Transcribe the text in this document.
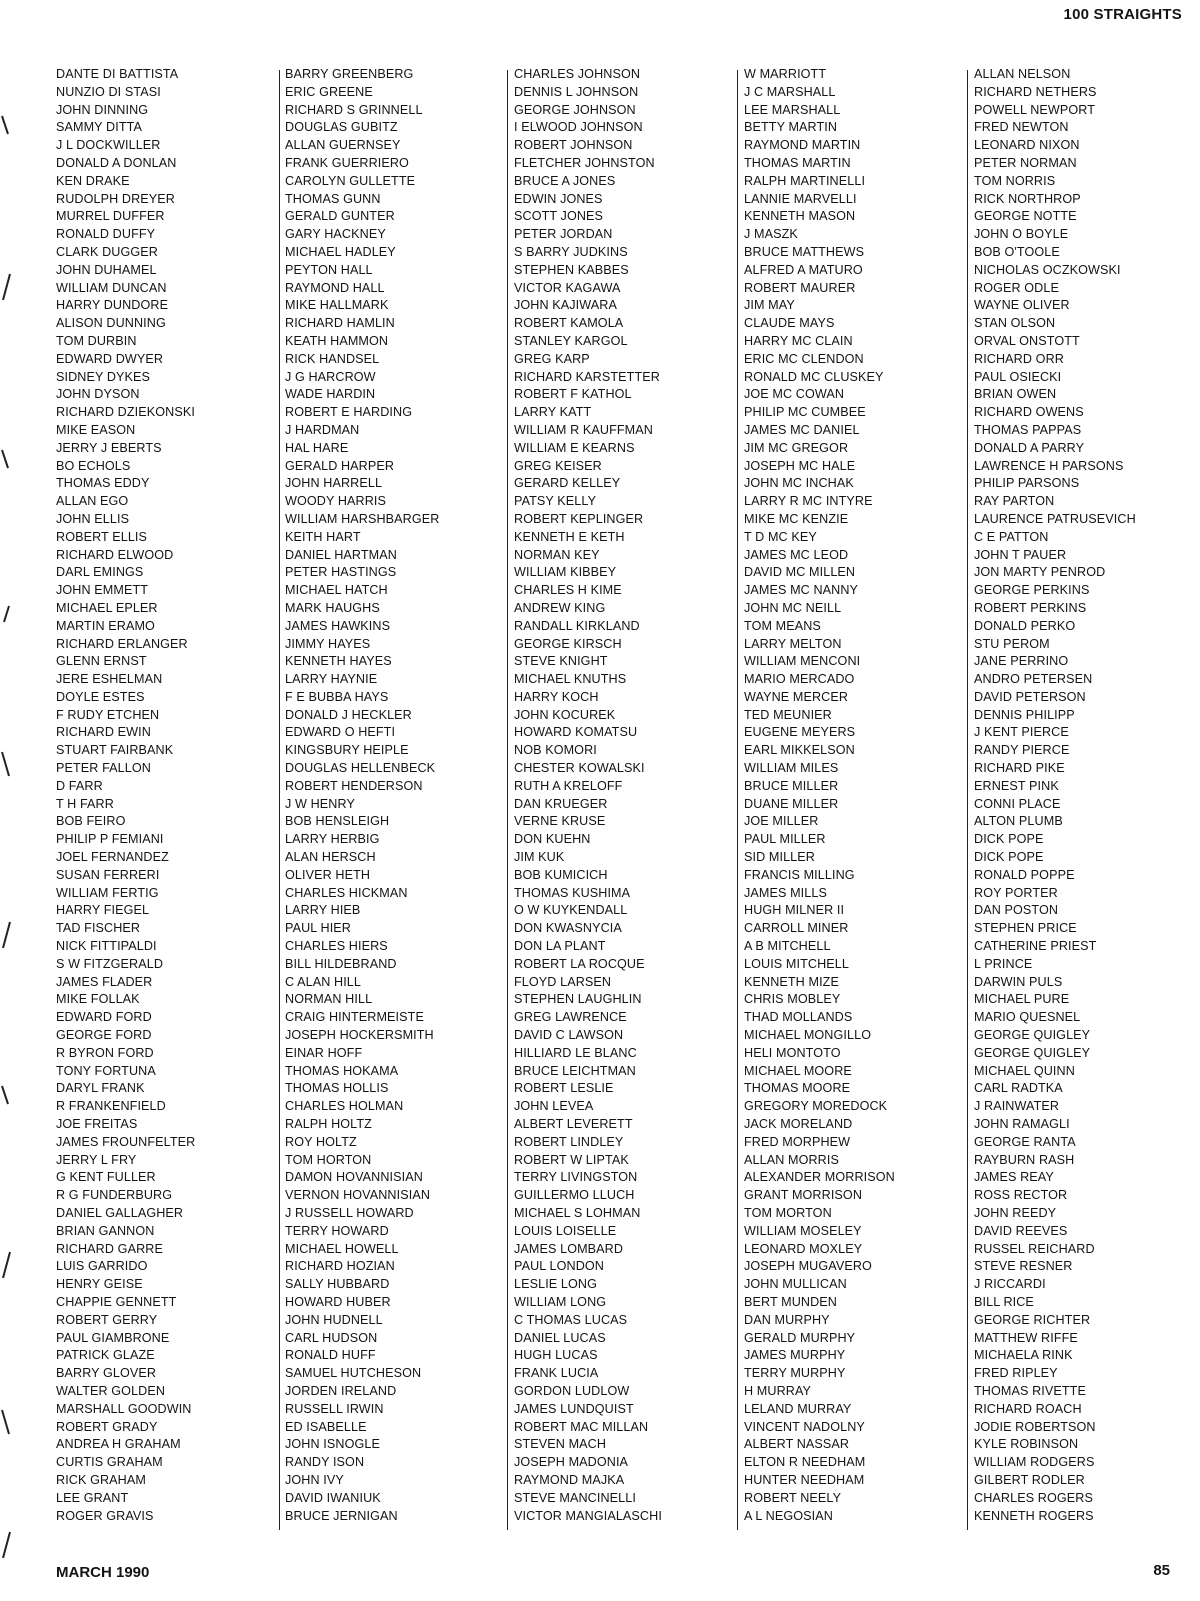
100 STRAIGHTS
DANTE DI BATTISTA
NUNZIO DI STASI
JOHN DINNING
SAMMY DITTA
J L DOCKWILLER
DONALD A DONLAN
KEN DRAKE
RUDOLPH DREYER
MURREL DUFFER
RONALD DUFFY
CLARK DUGGER
JOHN DUHAMEL
WILLIAM DUNCAN
HARRY DUNDORE
ALISON DUNNING
TOM DURBIN
EDWARD DWYER
SIDNEY DYKES
JOHN DYSON
RICHARD DZIEKONSKI
MIKE EASON
JERRY J EBERTS
BO ECHOLS
THOMAS EDDY
ALLAN EGO
JOHN ELLIS
ROBERT ELLIS
RICHARD ELWOOD
DARL EMINGS
JOHN EMMETT
MICHAEL EPLER
MARTIN ERAMO
RICHARD ERLANGER
GLENN ERNST
JERE ESHELMAN
DOYLE ESTES
F RUDY ETCHEN
RICHARD EWIN
STUART FAIRBANK
PETER FALLON
D FARR
T H FARR
BOB FEIRO
PHILIP P FEMIANI
JOEL FERNANDEZ
SUSAN FERRERI
WILLIAM FERTIG
HARRY FIEGEL
TAD FISCHER
NICK FITTIPALDI
S W FITZGERALD
JAMES FLADER
MIKE FOLLAK
EDWARD FORD
GEORGE FORD
R BYRON FORD
TONY FORTUNA
DARYL FRANK
R FRANKENFIELD
JOE FREITAS
JAMES FROUNFELTER
JERRY L FRY
G KENT FULLER
R G FUNDERBURG
DANIEL GALLAGHER
BRIAN GANNON
RICHARD GARRE
LUIS GARRIDO
HENRY GEISE
CHAPPIE GENNETT
ROBERT GERRY
PAUL GIAMBRONE
PATRICK GLAZE
BARRY GLOVER
WALTER GOLDEN
MARSHALL GOODWIN
ROBERT GRADY
ANDREA H GRAHAM
CURTIS GRAHAM
RICK GRAHAM
LEE GRANT
ROGER GRAVIS
BARRY GREENBERG
ERIC GREENE
RICHARD S GRINNELL
DOUGLAS GUBITZ
ALLAN GUERNSEY
FRANK GUERRIERO
CAROLYN GULLETTE
THOMAS GUNN
GERALD GUNTER
GARY HACKNEY
MICHAEL HADLEY
PEYTON HALL
RAYMOND HALL
MIKE HALLMARK
RICHARD HAMLIN
KEATH HAMMON
RICK HANDSEL
J G HARCROW
WADE HARDIN
ROBERT E HARDING
J HARDMAN
HAL HARE
GERALD HARPER
JOHN HARRELL
WOODY HARRIS
WILLIAM HARSHBARGER
KEITH HART
DANIEL HARTMAN
PETER HASTINGS
MICHAEL HATCH
MARK HAUGHS
JAMES HAWKINS
JIMMY HAYES
KENNETH HAYES
LARRY HAYNIE
F E BUBBA HAYS
DONALD J HECKLER
EDWARD O HEFTI
KINGSBURY HEIPLE
DOUGLAS HELLENBECK
ROBERT HENDERSON
J W HENRY
BOB HENSLEIGH
LARRY HERBIG
ALAN HERSCH
OLIVER HETH
CHARLES HICKMAN
LARRY HIEB
PAUL HIER
CHARLES HIERS
BILL HILDEBRAND
C ALAN HILL
NORMAN HILL
CRAIG HINTERMEISTE
JOSEPH HOCKERSMITH
EINAR HOFF
THOMAS HOKAMA
THOMAS HOLLIS
CHARLES HOLMAN
RALPH HOLTZ
ROY HOLTZ
TOM HORTON
DAMON HOVANNISIAN
VERNON HOVANNISIAN
J RUSSELL HOWARD
TERRY HOWARD
MICHAEL HOWELL
RICHARD HOZIAN
SALLY HUBBARD
HOWARD HUBER
JOHN HUDNELL
CARL HUDSON
RONALD HUFF
SAMUEL HUTCHESON
JORDEN IRELAND
RUSSELL IRWIN
ED ISABELLE
JOHN ISNOGLE
RANDY ISON
JOHN IVY
DAVID IWANIUK
BRUCE JERNIGAN
CHARLES JOHNSON
DENNIS L JOHNSON
GEORGE JOHNSON
I ELWOOD JOHNSON
ROBERT JOHNSON
FLETCHER JOHNSTON
BRUCE A JONES
EDWIN JONES
SCOTT JONES
PETER JORDAN
S BARRY JUDKINS
STEPHEN KABBES
VICTOR KAGAWA
JOHN KAJIWARA
ROBERT KAMOLA
STANLEY KARGOL
GREG KARP
RICHARD KARSTETTER
ROBERT F KATHOL
LARRY KATT
WILLIAM R KAUFFMAN
WILLIAM E KEARNS
GREG KEISER
GERARD KELLEY
PATSY KELLY
ROBERT KEPLINGER
KENNETH E KETH
NORMAN KEY
WILLIAM KIBBEY
CHARLES H KIME
ANDREW KING
RANDALL KIRKLAND
GEORGE KIRSCH
STEVE KNIGHT
MICHAEL KNUTHS
HARRY KOCH
JOHN KOCUREK
HOWARD KOMATSU
NOB KOMORI
CHESTER KOWALSKI
RUTH A KRELOFF
DAN KRUEGER
VERNE KRUSE
DON KUEHN
JIM KUK
BOB KUMICICH
THOMAS KUSHIMA
O W KUYKENDALL
DON KWASNYCIA
DON LA PLANT
ROBERT LA ROCQUE
FLOYD LARSEN
STEPHEN LAUGHLIN
GREG LAWRENCE
DAVID C LAWSON
HILLIARD LE BLANC
BRUCE LEICHTMAN
ROBERT LESLIE
JOHN LEVEA
ALBERT LEVERETT
ROBERT LINDLEY
ROBERT W LIPTAK
TERRY LIVINGSTON
GUILLERMO LLUCH
MICHAEL S LOHMAN
LOUIS LOISELLE
JAMES LOMBARD
PAUL LONDON
LESLIE LONG
WILLIAM LONG
C THOMAS LUCAS
DANIEL LUCAS
HUGH LUCAS
FRANK LUCIA
GORDON LUDLOW
JAMES LUNDQUIST
ROBERT MAC MILLAN
STEVEN MACH
JOSEPH MADONIA
RAYMOND MAJKA
STEVE MANCINELLI
VICTOR MANGIALASCHI
W MARRIOTT
J C MARSHALL
LEE MARSHALL
BETTY MARTIN
RAYMOND MARTIN
THOMAS MARTIN
RALPH MARTINELLI
LANNIE MARVELLI
KENNETH MASON
J MASZK
BRUCE MATTHEWS
ALFRED A MATURO
ROBERT MAURER
JIM MAY
CLAUDE MAYS
HARRY MC CLAIN
ERIC MC CLENDON
RONALD MC CLUSKEY
JOE MC COWAN
PHILIP MC CUMBEE
JAMES MC DANIEL
JIM MC GREGOR
JOSEPH MC HALE
JOHN MC INCHAK
LARRY R MC INTYRE
MIKE MC KENZIE
T D MC KEY
JAMES MC LEOD
DAVID MC MILLEN
JAMES MC NANNY
JOHN MC NEILL
TOM MEANS
LARRY MELTON
WILLIAM MENCONI
MARIO MERCADO
WAYNE MERCER
TED MEUNIER
EUGENE MEYERS
EARL MIKKELSON
WILLIAM MILES
BRUCE MILLER
DUANE MILLER
JOE MILLER
PAUL MILLER
SID MILLER
FRANCIS MILLING
JAMES MILLS
HUGH MILNER II
CARROLL MINER
A B MITCHELL
LOUIS MITCHELL
KENNETH MIZE
CHRIS MOBLEY
THAD MOLLANDS
MICHAEL MONGILLO
HELI MONTOTO
MICHAEL MOORE
THOMAS MOORE
GREGORY MOREDOCK
JACK MORELAND
FRED MORPHEW
ALLAN MORRIS
ALEXANDER MORRISON
GRANT MORRISON
TOM MORTON
WILLIAM MOSELEY
LEONARD MOXLEY
JOSEPH MUGAVERO
JOHN MULLICAN
BERT MUNDEN
DAN MURPHY
GERALD MURPHY
JAMES MURPHY
TERRY MURPHY
H MURRAY
LELAND MURRAY
VINCENT NADOLNY
ALBERT NASSAR
ELTON R NEEDHAM
HUNTER NEEDHAM
ROBERT NEELY
A L NEGOSIAN
ALLAN NELSON
RICHARD NETHERS
POWELL NEWPORT
FRED NEWTON
LEONARD NIXON
PETER NORMAN
TOM NORRIS
RICK NORTHROP
GEORGE NOTTE
JOHN O BOYLE
BOB O'TOOLE
NICHOLAS OCZKOWSKI
ROGER ODLE
WAYNE OLIVER
STAN OLSON
ORVAL ONSTOTT
RICHARD ORR
PAUL OSIECKI
BRIAN OWEN
RICHARD OWENS
THOMAS PAPPAS
DONALD A PARRY
LAWRENCE H PARSONS
PHILIP PARSONS
RAY PARTON
LAURENCE PATRUSEVICH
C E PATTON
JOHN T PAUER
JON MARTY PENROD
GEORGE PERKINS
ROBERT PERKINS
DONALD PERKO
STU PEROM
JANE PERRINO
ANDRO PETERSEN
DAVID PETERSON
DENNIS PHILIPP
J KENT PIERCE
RANDY PIERCE
RICHARD PIKE
ERNEST PINK
CONNI PLACE
ALTON PLUMB
DICK POPE
DICK POPE
RONALD POPPE
ROY PORTER
DAN POSTON
STEPHEN PRICE
CATHERINE PRIEST
L PRINCE
DARWIN PULS
MICHAEL PURE
MARIO QUESNEL
GEORGE QUIGLEY
GEORGE QUIGLEY
MICHAEL QUINN
CARL RADTKA
J RAINWATER
JOHN RAMAGLI
GEORGE RANTA
RAYBURN RASH
JAMES REAY
ROSS RECTOR
JOHN REEDY
DAVID REEVES
RUSSEL REICHARD
STEVE RESNER
J RICCARDI
BILL RICE
GEORGE RICHTER
MATTHEW RIFFE
MICHAELA RINK
FRED RIPLEY
THOMAS RIVETTE
RICHARD ROACH
JODIE ROBERTSON
KYLE ROBINSON
WILLIAM RODGERS
GILBERT RODLER
CHARLES ROGERS
KENNETH ROGERS
MARCH 1990	85
